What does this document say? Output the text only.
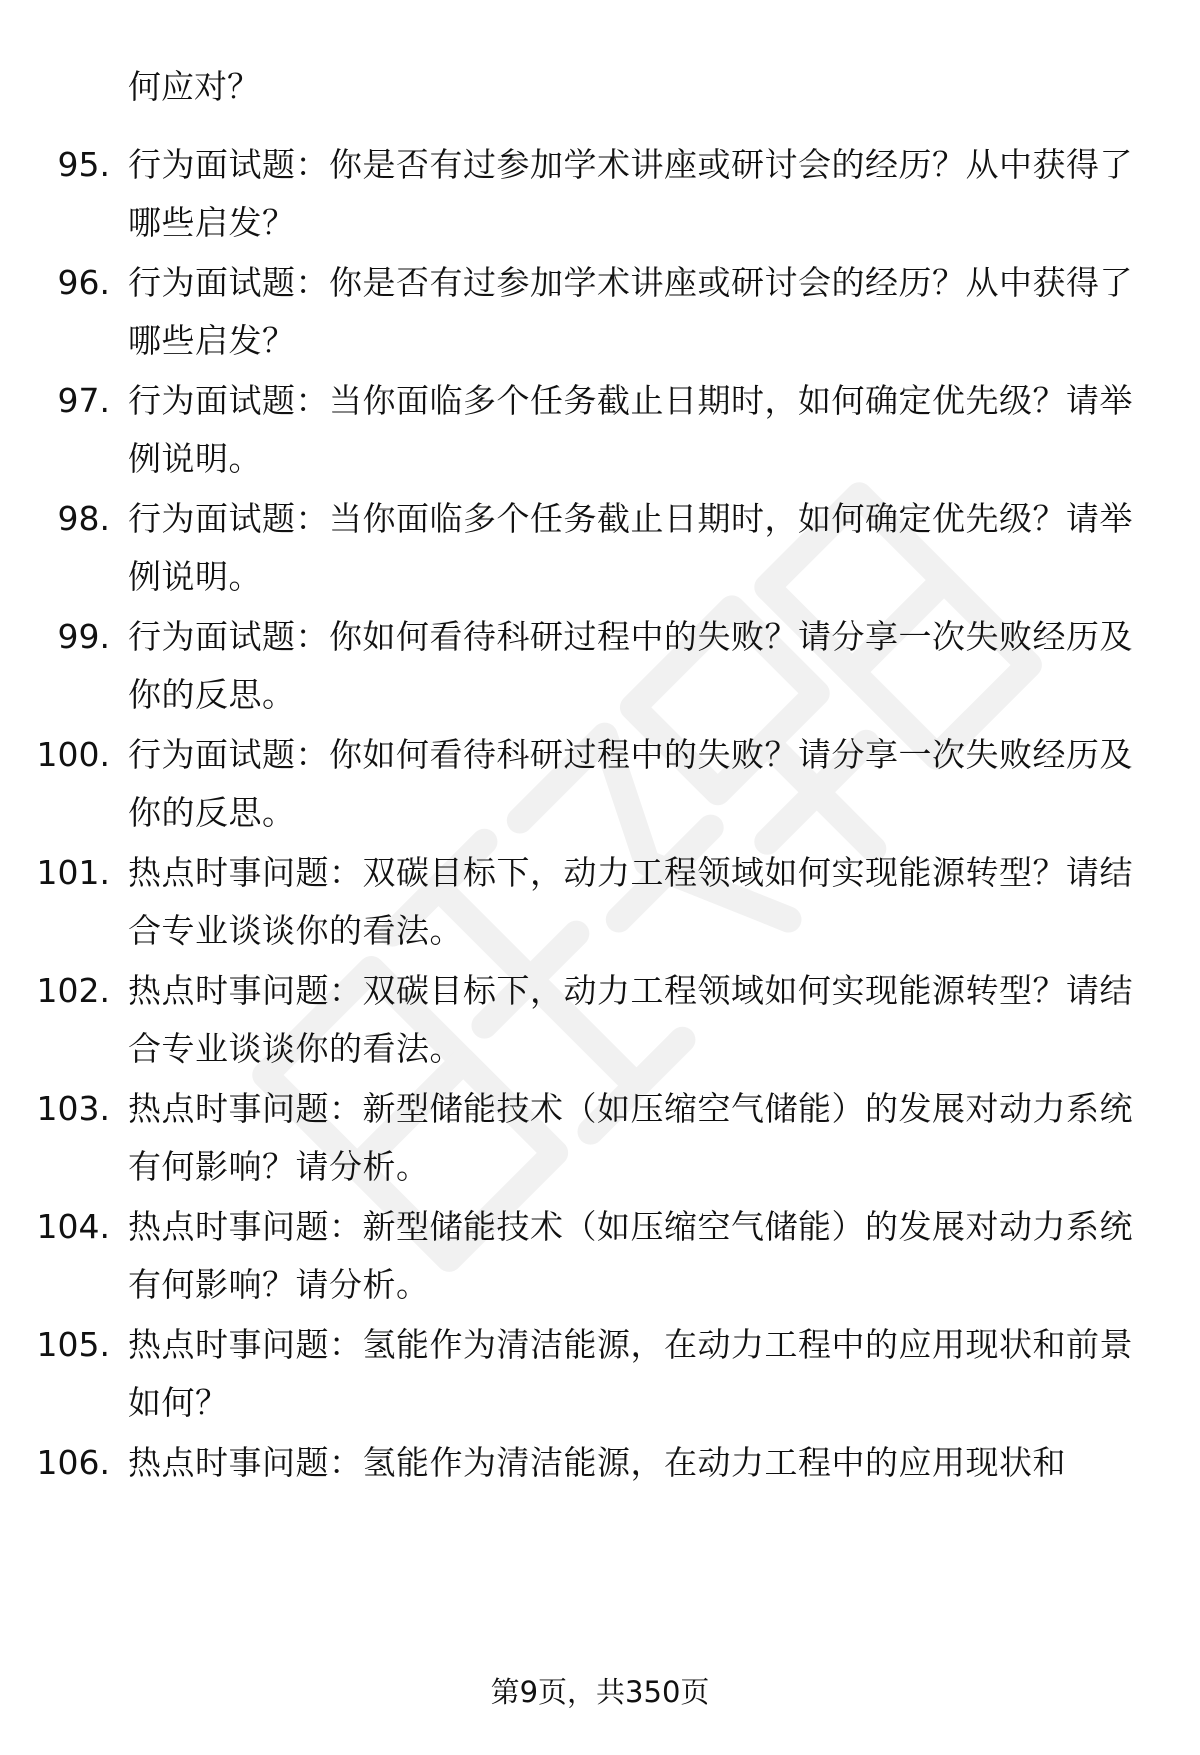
何应对？
95. 行为面试题：你是否有过参加学术讲座或研讨会的经历？从中获得了哪些启发？
96. 行为面试题：你是否有过参加学术讲座或研讨会的经历？从中获得了哪些启发？
97. 行为面试题：当你面临多个任务截止日期时，如何确定优先级？请举例说明。
98. 行为面试题：当你面临多个任务截止日期时，如何确定优先级？请举例说明。
99. 行为面试题：你如何看待科研过程中的失败？请分享一次失败经历及你的反思。
100. 行为面试题：你如何看待科研过程中的失败？请分享一次失败经历及你的反思。
101. 热点时事问题：双碳目标下，动力工程领域如何实现能源转型？请结合专业谈谈你的看法。
102. 热点时事问题：双碳目标下，动力工程领域如何实现能源转型？请结合专业谈谈你的看法。
103. 热点时事问题：新型储能技术（如压缩空气储能）的发展对动力系统有何影响？请分析。
104. 热点时事问题：新型储能技术（如压缩空气储能）的发展对动力系统有何影响？请分析。
105. 热点时事问题：氢能作为清洁能源，在动力工程中的应用现状和前景如何？
106. 热点时事问题：氢能作为清洁能源，在动力工程中的应用现状和
第9页，共350页
